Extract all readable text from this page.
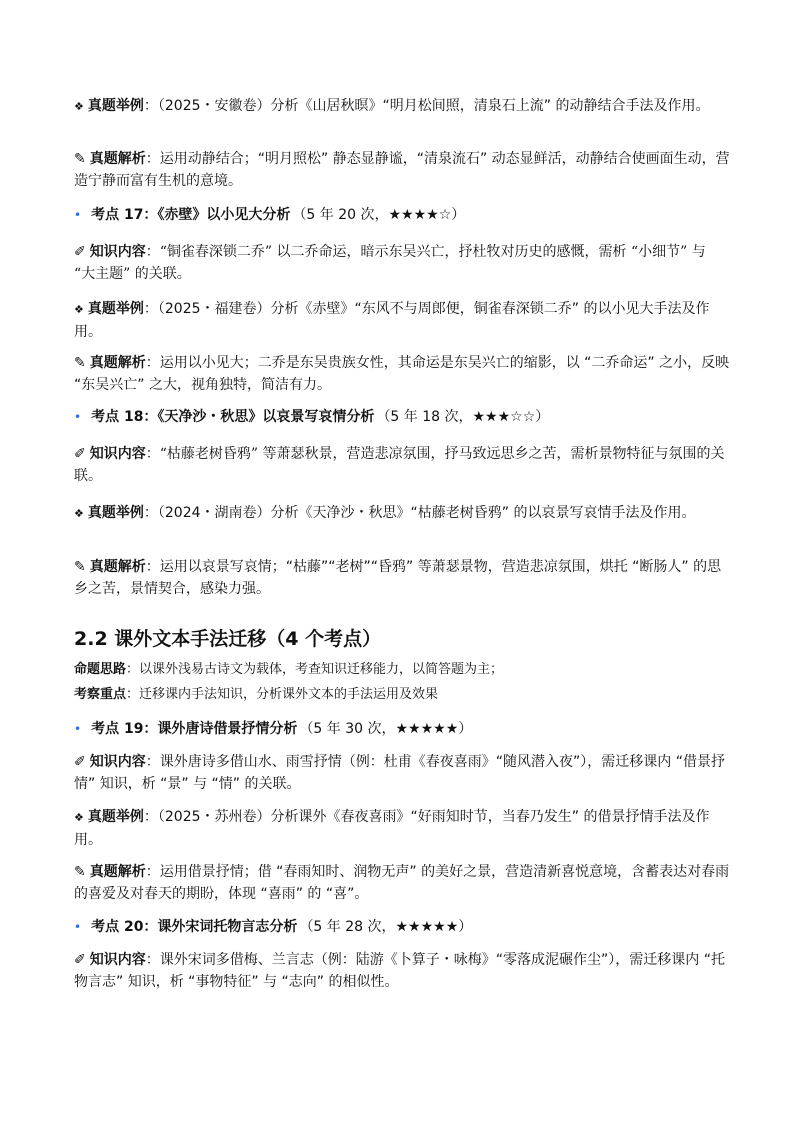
❖ 真题举例：（2025・安徽卷）分析《山居秋暝》“明月松间照，清泉石上流” 的动静结合手法及作用。

✎ 真题解析：运用动静结合；“明月照松” 静态显静谧，“清泉流石” 动态显鲜活，动静结合使画面生动，营造宁静而富有生机的意境。

• 考点 17：《赤壁》以小见大分析 （5 年 20 次，★★★★☆）

✐ 知识内容：“铜雀春深锁二乔” 以二乔命运，暗示东吴兴亡，抒杜牧对历史的感慨，需析 “小细节” 与 “大主题” 的关联。

❖ 真题举例：（2025・福建卷）分析《赤壁》“东风不与周郎便，铜雀春深锁二乔” 的以小见大手法及作用。

✎ 真题解析：运用以小见大；二乔是东吴贵族女性，其命运是东吴兴亡的缩影，以 “二乔命运” 之小，反映 “东吴兴亡” 之大，视角独特，简洁有力。

• 考点 18：《天净沙・秋思》以哀景写哀情分析 （5 年 18 次，★★★☆☆）

✐ 知识内容：“枯藤老树昏鸦” 等萧瑟秋景，营造悲凉氛围，抒马致远思乡之苦，需析景物特征与氛围的关联。

❖ 真题举例：（2024・湖南卷）分析《天净沙・秋思》“枯藤老树昏鸦” 的以哀景写哀情手法及作用。

✎ 真题解析：运用以哀景写哀情；“枯藤”“老树”“昏鸦” 等萧瑟景物，营造悲凉氛围，烘托 “断肠人” 的思乡之苦，景情契合，感染力强。

2.2 课外文本手法迁移（4 个考点）

命题思路：以课外浅易古诗文为载体，考查知识迁移能力，以简答题为主；

考察重点：迁移课内手法知识，分析课外文本的手法运用及效果

• 考点 19：课外唐诗借景抒情分析 （5 年 30 次，★★★★★）

✐ 知识内容：课外唐诗多借山水、雨雪抒情（例：杜甫《春夜喜雨》“随风潜入夜”），需迁移课内 “借景抒情” 知识，析 “景” 与 “情” 的关联。

❖ 真题举例：（2025・苏州卷）分析课外《春夜喜雨》“好雨知时节，当春乃发生” 的借景抒情手法及作用。

✎ 真题解析：运用借景抒情；借 “春雨知时、润物无声” 的美好之景，营造清新喜悦意境，含蓄表达对春雨的喜爱及对春天的期盼，体现 “喜雨” 的 “喜”。

• 考点 20：课外宋词托物言志分析 （5 年 28 次，★★★★★）

✐ 知识内容：课外宋词多借梅、兰言志（例：陆游《卜算子・咏梅》“零落成泥碾作尘”），需迁移课内 “托物言志” 知识，析 “事物特征” 与 “志向” 的相似性。
